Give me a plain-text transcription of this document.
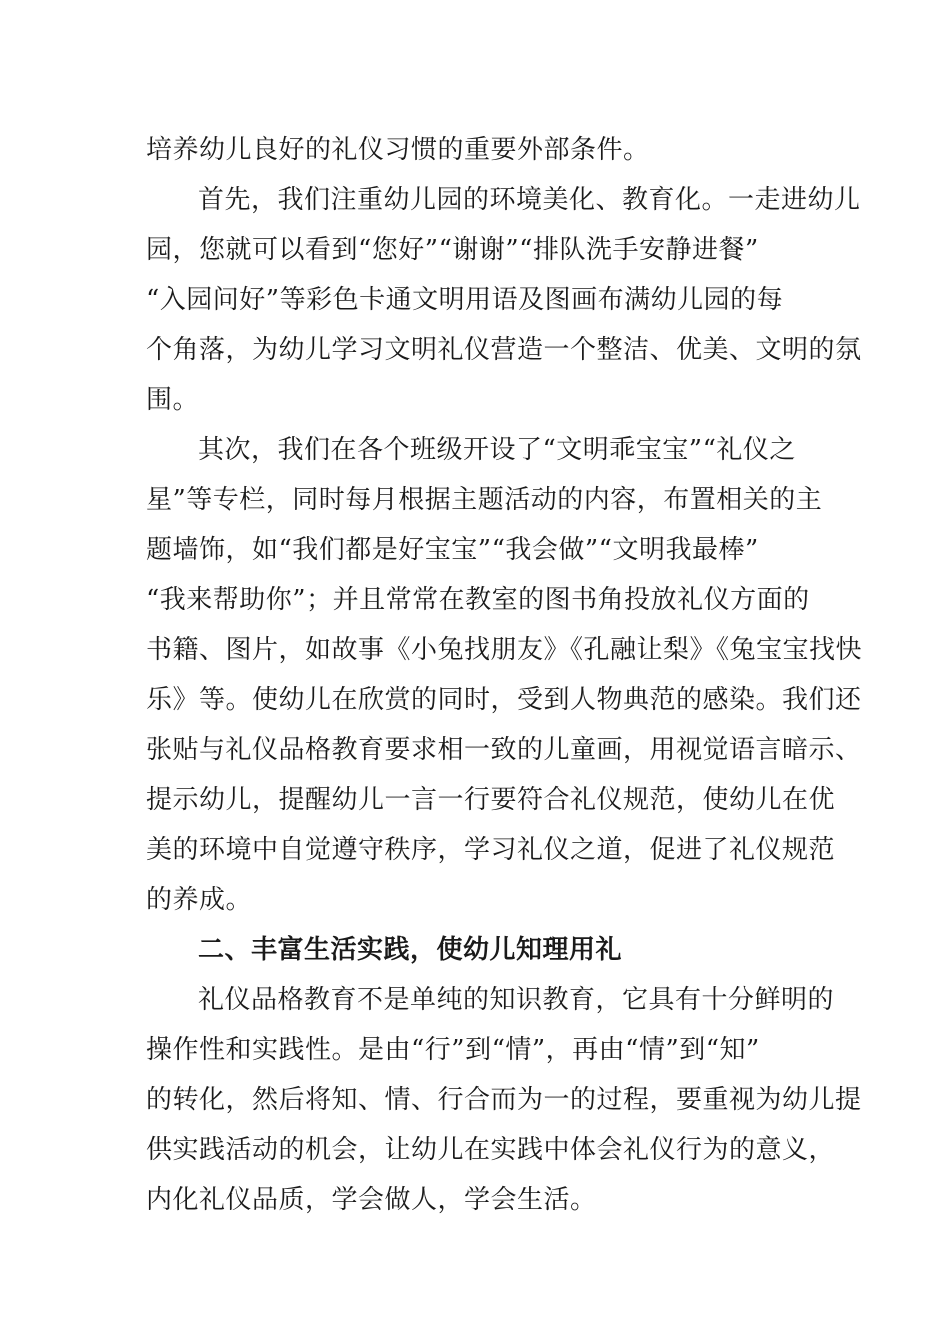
培养幼儿良好的礼仪习惯的重要外部条件。
首先，我们注重幼儿园的环境美化、教育化。一走进幼儿
园，您就可以看到“您好”“谢谢”“排队洗手安静进餐”
“入园问好”等彩色卡通文明用语及图画布满幼儿园的每
个角落，为幼儿学习文明礼仪营造一个整洁、优美、文明的氛
围。
其次，我们在各个班级开设了“文明乖宝宝”“礼仪之
星”等专栏，同时每月根据主题活动的内容，布置相关的主
题墙饰，如“我们都是好宝宝”“我会做”“文明我最棒”
“我来帮助你”；并且常常在教室的图书角投放礼仪方面的
书籍、图片，如故事《小兔找朋友》《孔融让梨》《兔宝宝找快
乐》等。使幼儿在欣赏的同时，受到人物典范的感染。我们还
张贴与礼仪品格教育要求相一致的儿童画，用视觉语言暗示、
提示幼儿，提醒幼儿一言一行要符合礼仪规范，使幼儿在优
美的环境中自觉遵守秩序，学习礼仪之道，促进了礼仪规范
的养成。
二、丰富生活实践，使幼儿知理用礼
礼仪品格教育不是单纯的知识教育，它具有十分鲜明的
操作性和实践性。是由“行”到“情”，再由“情”到“知”
的转化，然后将知、情、行合而为一的过程，要重视为幼儿提
供实践活动的机会，让幼儿在实践中体会礼仪行为的意义，
内化礼仪品质，学会做人，学会生活。
